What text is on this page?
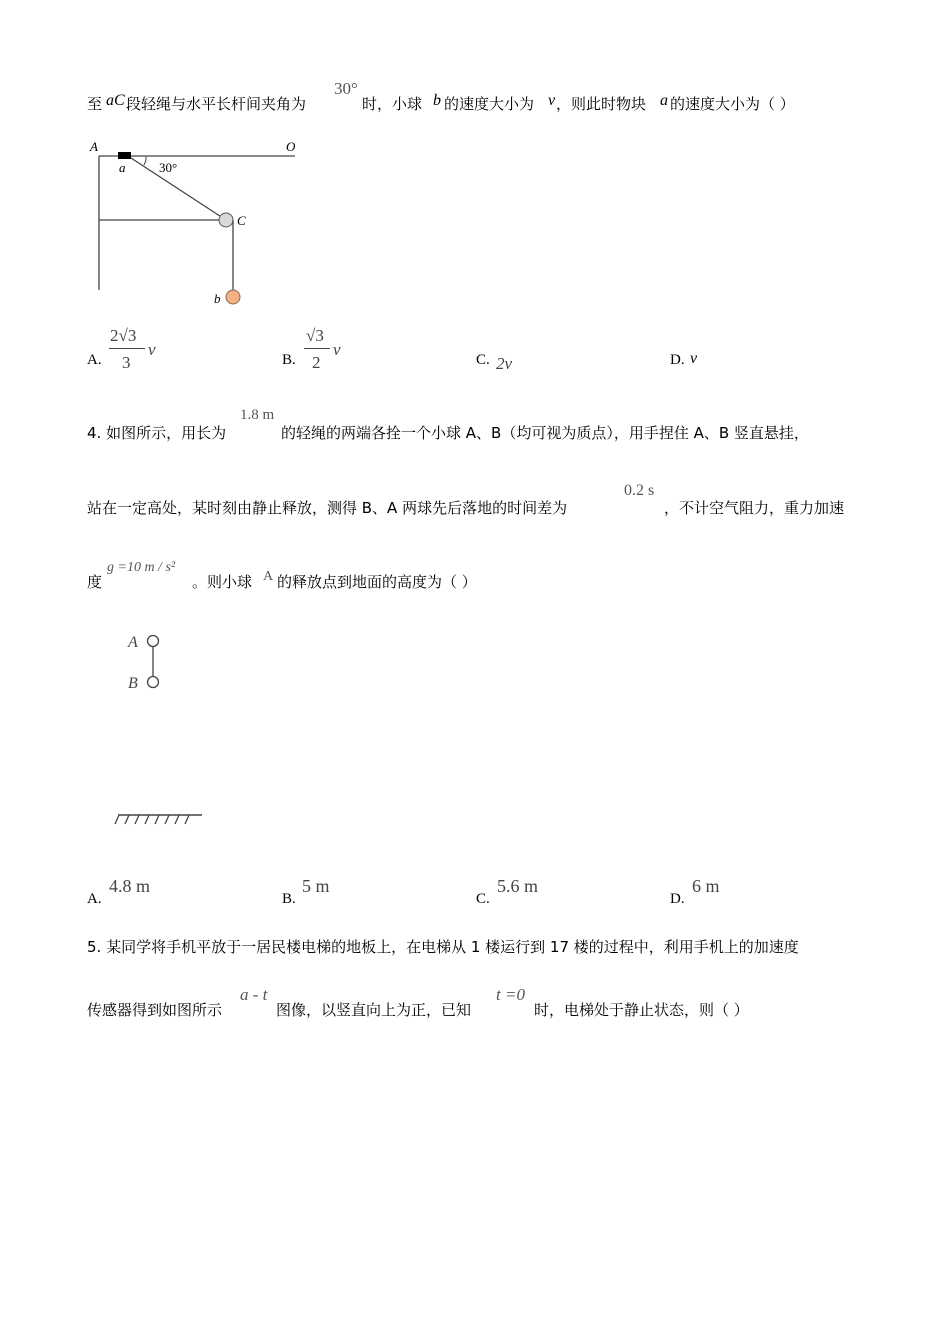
至 aC 段轻绳与水平长杆间夹角为
30°
时，小球 b 的速度大小为 v ，则此时物块 a 的速度大小为（ ）
A	O
a	30°
C
b
A.
2√3
3
v
B.
√3
2
v
C. 2v	D. v
4. 如图所示，用长为
1.8 m
的轻绳的两端各拴一个小球 A、B（均可视为质点），用手捏住 A、B 竖直悬挂，
站在一定高处，某时刻由静止释放，测得 B、A 两球先后落地的时间差为
0.2 s
，不计空气阻力，重力加速
度
g =10 m / s²
。则小球 A 的释放点到地面的高度为（ ）
A
B
A.
4.8 m
B.
5 m
C.
5.6 m
D.
6 m
5. 某同学将手机平放于一居民楼电梯的地板上，在电梯从 1 楼运行到 17 楼的过程中，利用手机上的加速度
传感器得到如图所示
a - t
图像，以竖直向上为正，已知
t =0
时，电梯处于静止状态，则（ ）
